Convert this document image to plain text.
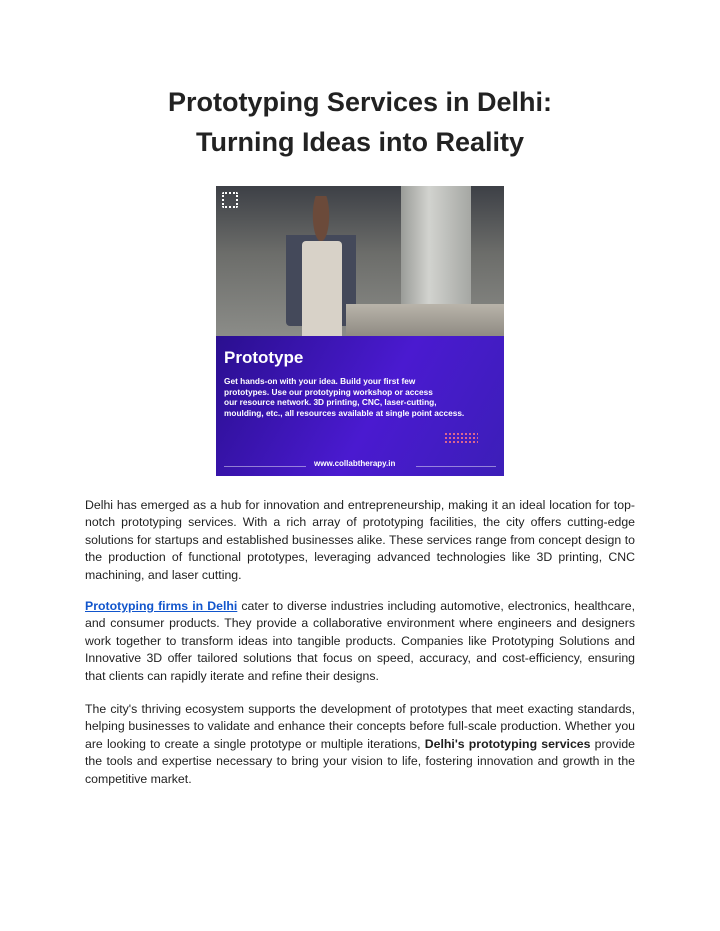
Prototyping Services in Delhi:
Turning Ideas into Reality
Prototype
Get hands-on with your idea. Build your first few
prototypes. Use our prototyping workshop or access
our resource network. 3D printing, CNC, laser-cutting,
moulding, etc., all resources available at single point access.
www.collabtherapy.in

Delhi has emerged as a hub for innovation and entrepreneurship, making it an ideal location for top-notch prototyping services. With a rich array of prototyping facilities, the city offers cutting-edge solutions for startups and established businesses alike. These services range from concept design to the production of functional prototypes, leveraging advanced technologies like 3D printing, CNC machining, and laser cutting.

Prototyping firms in Delhi cater to diverse industries including automotive, electronics, healthcare, and consumer products. They provide a collaborative environment where engineers and designers work together to transform ideas into tangible products. Companies like Prototyping Solutions and Innovative 3D offer tailored solutions that focus on speed, accuracy, and cost-efficiency, ensuring that clients can rapidly iterate and refine their designs.

The city's thriving ecosystem supports the development of prototypes that meet exacting standards, helping businesses to validate and enhance their concepts before full-scale production. Whether you are looking to create a single prototype or multiple iterations, Delhi's prototyping services provide the tools and expertise necessary to bring your vision to life, fostering innovation and growth in the competitive market.
